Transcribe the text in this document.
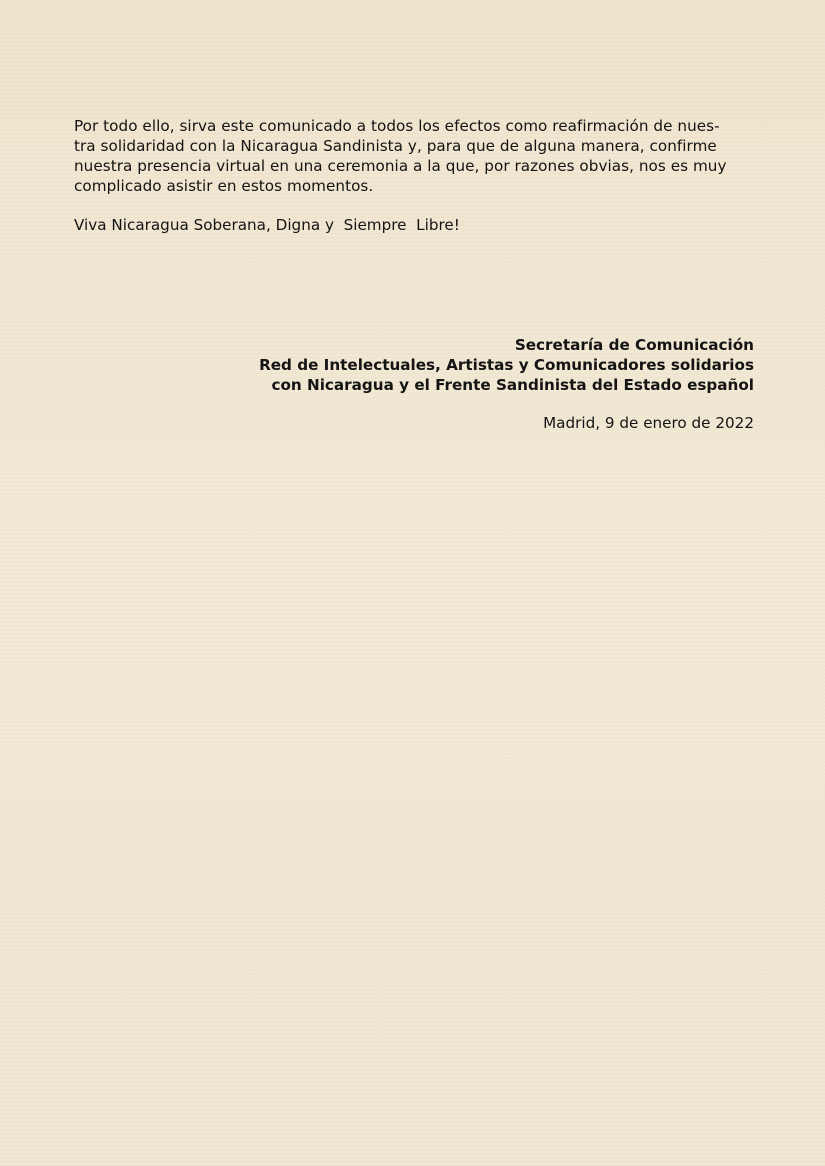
Por todo ello, sirva este comunicado a todos los efectos como reafirmación de nues-
tra solidaridad con la Nicaragua Sandinista y, para que de alguna manera, confirme
nuestra presencia virtual en una ceremonia a la que, por razones obvias, nos es muy
complicado asistir en estos momentos.

Viva Nicaragua Soberana, Digna y  Siempre  Libre!
Secretaría de Comunicación
Red de Intelectuales, Artistas y Comunicadores solidarios
con Nicaragua y el Frente Sandinista del Estado español
Madrid, 9 de enero de 2022
